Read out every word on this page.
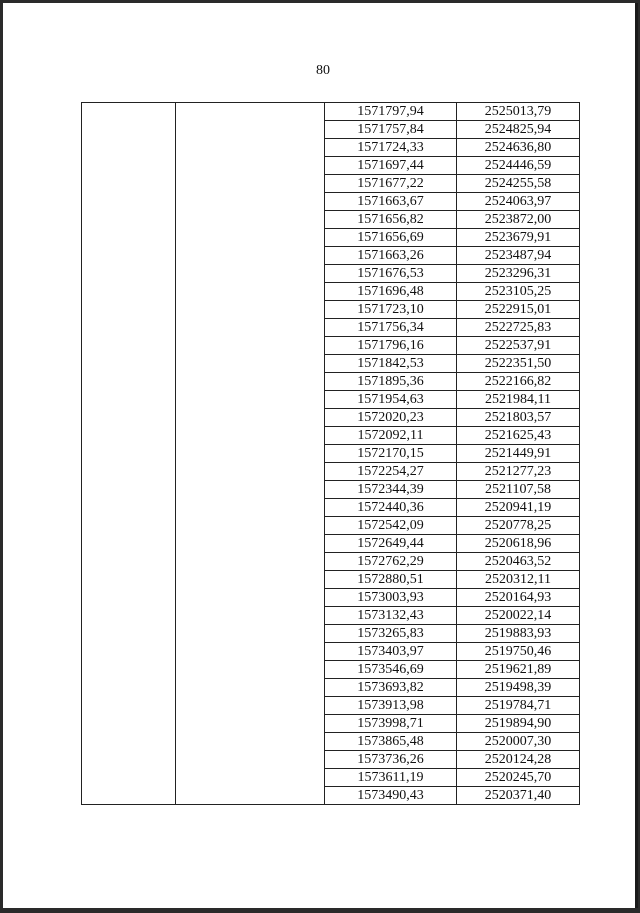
80
		1571797,94	2525013,79
		1571757,84	2524825,94
		1571724,33	2524636,80
		1571697,44	2524446,59
		1571677,22	2524255,58
		1571663,67	2524063,97
		1571656,82	2523872,00
		1571656,69	2523679,91
		1571663,26	2523487,94
		1571676,53	2523296,31
		1571696,48	2523105,25
		1571723,10	2522915,01
		1571756,34	2522725,83
		1571796,16	2522537,91
		1571842,53	2522351,50
		1571895,36	2522166,82
		1571954,63	2521984,11
		1572020,23	2521803,57
		1572092,11	2521625,43
		1572170,15	2521449,91
		1572254,27	2521277,23
		1572344,39	2521107,58
		1572440,36	2520941,19
		1572542,09	2520778,25
		1572649,44	2520618,96
		1572762,29	2520463,52
		1572880,51	2520312,11
		1573003,93	2520164,93
		1573132,43	2520022,14
		1573265,83	2519883,93
		1573403,97	2519750,46
		1573546,69	2519621,89
		1573693,82	2519498,39
		1573913,98	2519784,71
		1573998,71	2519894,90
		1573865,48	2520007,30
		1573736,26	2520124,28
		1573611,19	2520245,70
		1573490,43	2520371,40
